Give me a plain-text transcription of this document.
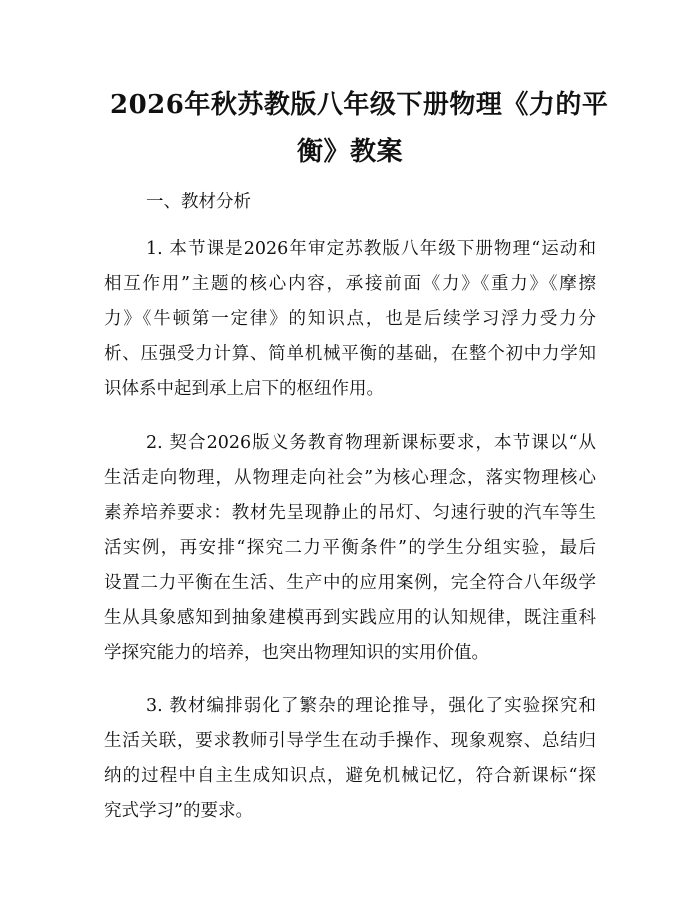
2026年秋苏教版八年级下册物理《力的平
衡》教案
一、教材分析
1. 本节课是2026年审定苏教版八年级下册物理“运动和
相互作用”主题的核心内容，承接前面《力》《重力》《摩擦
力》《牛顿第一定律》的知识点，也是后续学习浮力受力分
析、压强受力计算、简单机械平衡的基础，在整个初中力学知
识体系中起到承上启下的枢纽作用。
2. 契合2026版义务教育物理新课标要求，本节课以“从
生活走向物理，从物理走向社会”为核心理念，落实物理核心
素养培养要求：教材先呈现静止的吊灯、匀速行驶的汽车等生
活实例，再安排“探究二力平衡条件”的学生分组实验，最后
设置二力平衡在生活、生产中的应用案例，完全符合八年级学
生从具象感知到抽象建模再到实践应用的认知规律，既注重科
学探究能力的培养，也突出物理知识的实用价值。
3. 教材编排弱化了繁杂的理论推导，强化了实验探究和
生活关联，要求教师引导学生在动手操作、现象观察、总结归
纳的过程中自主生成知识点，避免机械记忆，符合新课标“探
究式学习”的要求。
